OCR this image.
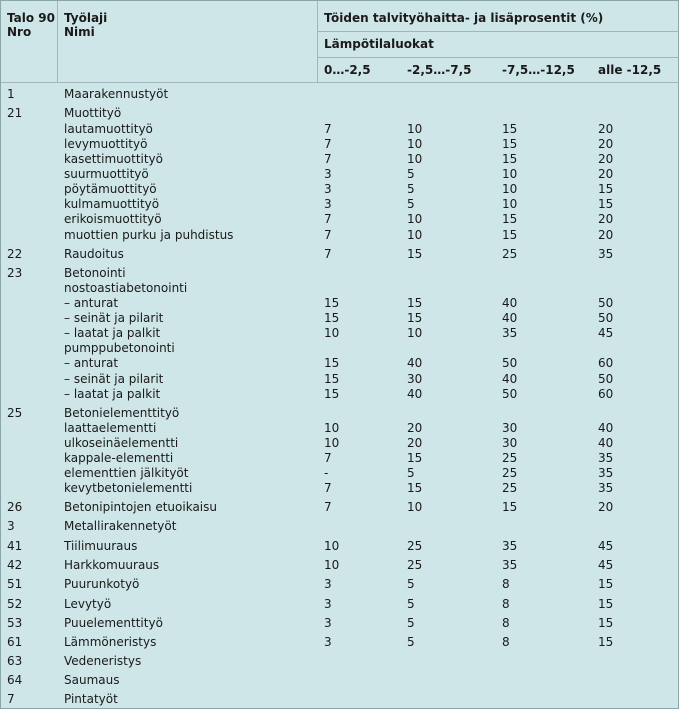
Talo 90
Nro
Työlaji
Nimi
Töiden talvityöhaitta- ja lisäprosentit (%)
Lämpötilaluokat
0…-2,5	-2,5…-7,5	-7,5…-12,5 alle -12,5
1	Maarakennustyöt
21	Muottityö
lautamuottityö	7	10	15	20
levymuottityö	7	10	15	20
kasettimuottityö	7	10	15	20
suurmuottityö	3	5	10	20
pöytämuottityö	3	5	10	15
kulmamuottityö	3	5	10	15
erikoismuottityö	7	10	15	20
muottien purku ja puhdistus	7	10	15	20
22	Raudoitus	7	15	25	35
23	Betonointi
nostoastiabetonointi
– anturat	15	15	40	50
– seinät ja pilarit	15	15	40	50
– laatat ja palkit	10	10	35	45
pumppubetonointi
– anturat	15	40	50	60
– seinät ja pilarit	15	30	40	50
– laatat ja palkit	15	40	50	60
25	Betonielementtityö
laattaelementti	10	20	30	40
ulkoseinäelementti	10	20	30	40
kappale-elementti	7	15	25	35
elementtien jälkityöt	-	5	25	35
kevytbetonielementti	7	15	25	35
26	Betonipintojen etuoikaisu	7	10	15	20
3	Metallirakennetyöt
41	Tiilimuuraus	10	25	35	45
42	Harkkomuuraus	10	25	35	45
51	Puurunkotyö	3	5	8	15
52	Levytyö	3	5	8	15
53	Puuelementtityö	3	5	8	15
61	Lämmöneristys	3	5	8	15
63	Vedeneristys
64	Saumaus
7	Pintatyöt
